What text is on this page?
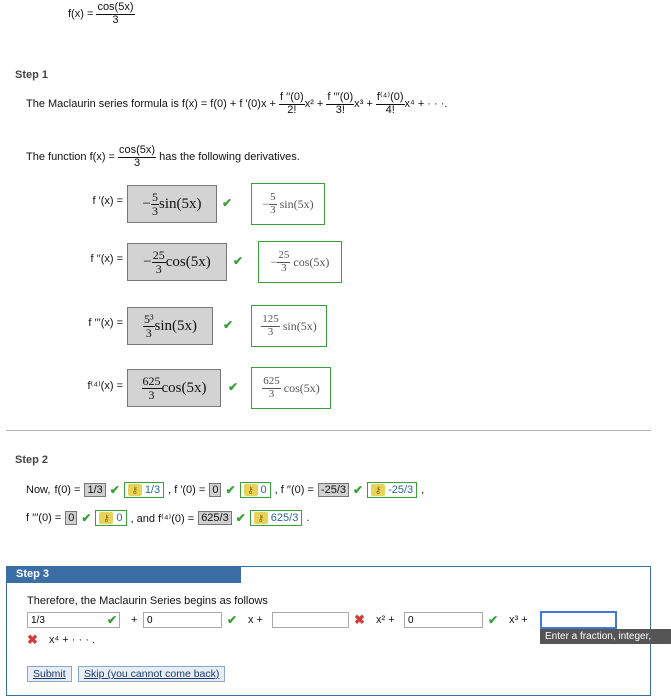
$f(x) = \frac{\cos(5x)}{3}$
Step 1
The Maclaurin series formula is f(x) = f(0) + f $'(0)x + \frac{f ''(0)}{2!} x^2 + \frac{f '''(0)}{3!} x^3 + \frac{\text{f⁽⁴⁾(0)}}{4!} x^4$ + · · ·.
The function $f(x) = \frac{\cos(5x)}{3}$ has the following derivatives.
f ′(x) = − $\frac{5}{3} \sin(5x)$ ✔	− $\frac{5}{3}$
sin(5x)
f ′′(x) = − $\frac{25}{3} \cos(5x)$ ✔ − $\frac{25}{3}$
cos(5x)
f $'''(x) = \frac{\text{5³}}{3} \sin(5x)$ ✔	$\frac{125}{3}$
sin(5x)
$f^{(4)}(x) = \frac{625}{3} \cos(5x)$ ✔ $\frac{625}{3}$
cos(5x)
Step 2
Now, f(0) = 1/3 ✔	⚷ 1/3 , f ′(0) = 0 ✔	⚷ 0 , f ′′(0) = -25/3 ✔	⚷ -25/3 ,
f ′′′(0) = 0 ✔	⚷ 0 , and f⁽⁴⁾(0) = 625/3 ✔	⚷ 625/3 .
Step 3
Therefore, the Maclaurin Series begins as follows
1/3
✔ +
0	✔ x +	✖ x² +
0	✔ x³ +
Enter a fraction, integer,
✖ x⁴ + · · · .
Submit	Skip (you cannot come back)
